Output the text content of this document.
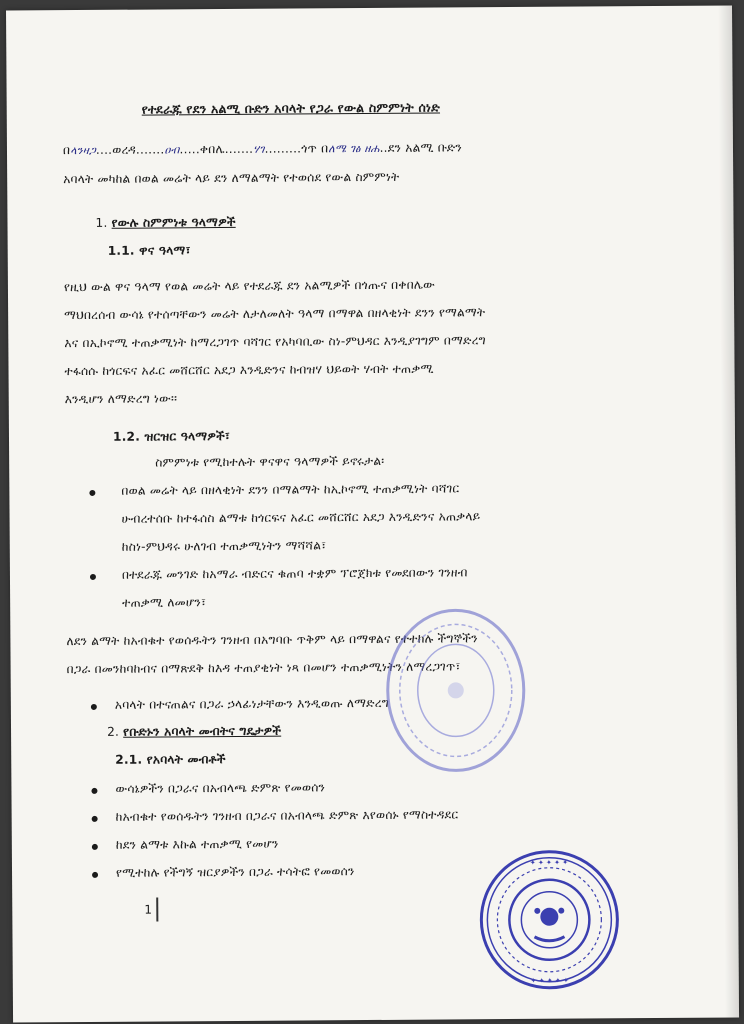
የተደራጁ የደን አልሚ ቡድን አባላት የጋራ የውል ስምምነት ሰነድ
በላንዛጋ....ወረዳ.......ዐብ.....ቀበሌ.......ሃገ.........ጎጥ በለሜ ገፅ ዘሐ..ደን አልሚ ቡድን
አባላት መካከል በወል መሬት ላይ ደን ለማልማት የተወሰደ የውል ስምምነት
1. የውሉ ስምምነቱ ዓላማዎች
1.1. ዋና ዓላማ፣
የዚህ ውል ዋና ዓላማ የወል መሬት ላይ የተደራጁ ደን አልሚዎች በጎጡና በቀበሌው
ማህበረሰብ ውሳኔ የተሰጣቸውን መሬት ለታለመለት ዓላማ በማዋል በዘላቂነት ደንን የማልማት
እና በኢኮኖሚ ተጠቃሚነት ከማረጋገጥ ባሻገር የአካባቢው ስነ-ምህዳር እንዲያገግም በማድረግ
ተፋሰሱ ከጎርፍና አፈር መሸርሸር አደጋ እንዲድንና ከብዝሃ ህይወት ሃብት ተጠቃሚ
እንዲሆን ለማድረግ ነው፡፡
1.2. ዝርዝር ዓላማዎች፣
ስምምነቱ የሚከተሉት ዋናዋና ዓላማዎች ይኖሩታል፡
በወል መሬት ላይ በዘላቂነት ደንን በማልማት ከኢኮኖሚ ተጠቃሚነት ባሻገር
ሁብረተሰቡ ከተፋሰስ ልማቱ ከጎርፍና አፈር መሸርሸር አደጋ እንዲድንና አጠቃላይ
ከስነ-ምህዳሩ ሁለገብ ተጠቃሚነትን ማሻሻል፣
በተደራጁ መንገድ ከአማራ ብድርና ቁጠባ ተቋም ፕሮጀክቱ የመደበውን ገንዘብ
ተጠቃሚ ለመሆን፣
ለደን ልማት ከአብቁተ የወሰዱትን ገንዘብ በአግባቡ ጥቅም ላይ በማዋልና የተተከሉ ችግኞችን
በጋራ በመንከባከብና በማጽደቅ ከእዳ ተጠያቂነት ነጻ በመሆን ተጠቃሚነትን ለማረጋገጥ፣
አባላት በተናጠልና በጋራ ኃላፊነታቸውን እንዲወጡ ለማድረግ
2. የቡድኑን አባላት መብትና ግዴታዎች
2.1. የአባላት መብቶች
ውሳኔዎችን በጋራና በአብላጫ ድምጽ የመወሰን
ከአብቁተ የወሰዱትን ገንዘብ በጋራና በአብላጫ ድምጽ እየወሰኑ የማስተዳደር
ከደን ልማቱ እኩል ተጠቃሚ የመሆን
የሚተከሉ የችግኝ ዝርያዎችን በጋራ ተሳትፎ የመወሰን
1
✦ ✦ ✦ ✦ ✦
✦ ✦ ✦ ✦ ✦
